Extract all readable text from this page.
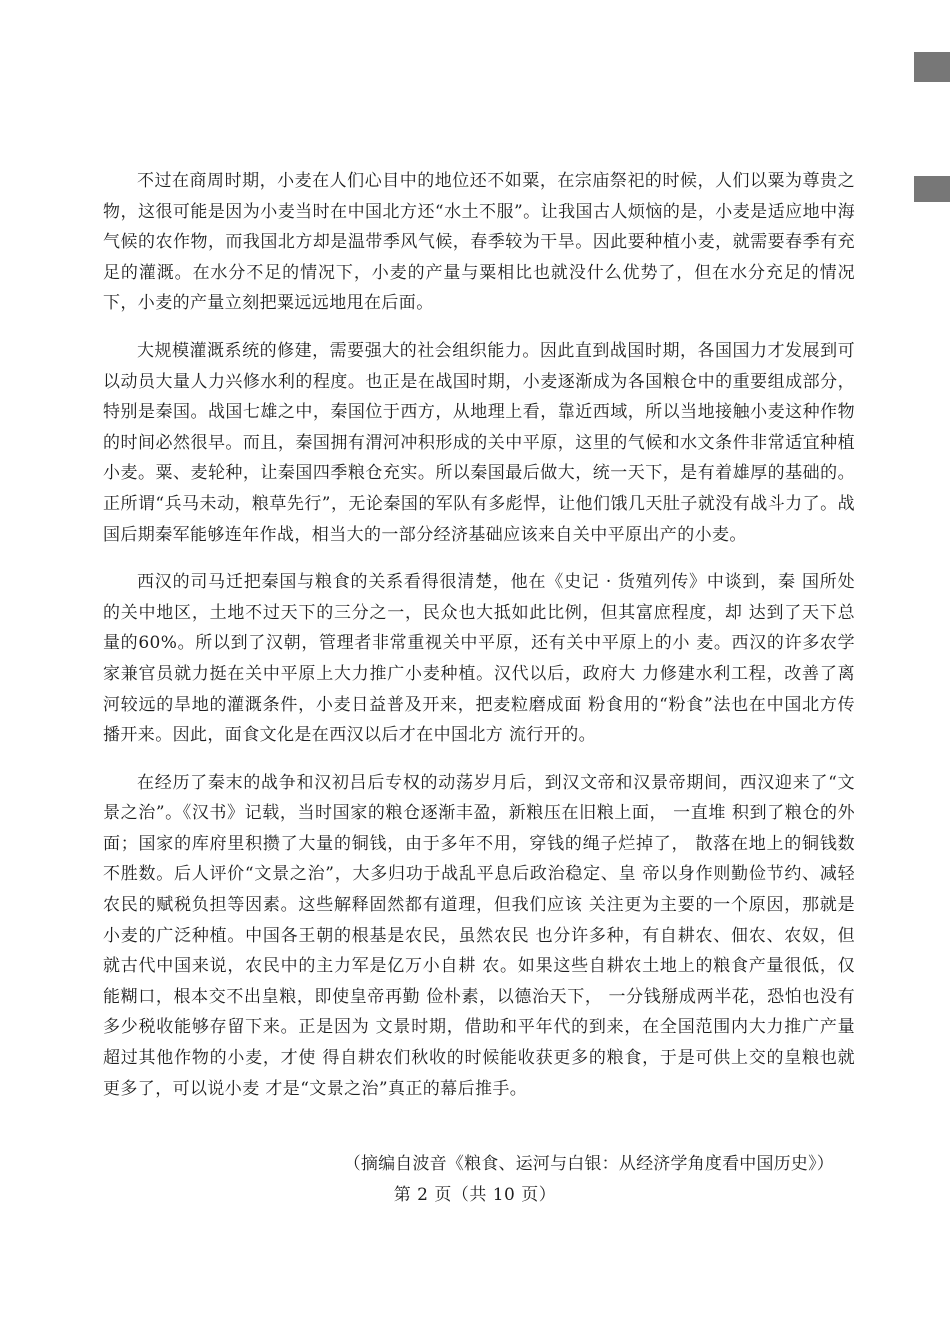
不过在商周时期，小麦在人们心目中的地位还不如粟，在宗庙祭祀的时候，人们以粟为尊贵之物，这很可能是因为小麦当时在中国北方还“水土不服”。让我国古人烦恼的是，小麦是适应地中海气候的农作物，而我国北方却是温带季风气候，春季较为干旱。因此要种植小麦，就需要春季有充足的灌溉。在水分不足的情况下，小麦的产量与粟相比也就没什么优势了，但在水分充足的情况下，小麦的产量立刻把粟远远地甩在后面。

大规模灌溉系统的修建，需要强大的社会组织能力。因此直到战国时期，各国国力才发展到可以动员大量人力兴修水利的程度。也正是在战国时期，小麦逐渐成为各国粮仓中的重要组成部分，特别是秦国。战国七雄之中，秦国位于西方，从地理上看，靠近西域，所以当地接触小麦这种作物的时间必然很早。而且，秦国拥有渭河冲积形成的关中平原，这里的气候和水文条件非常适宜种植小麦。粟、麦轮种，让秦国四季粮仓充实。所以秦国最后做大，统一天下，是有着雄厚的基础的。正所谓“兵马未动，粮草先行”，无论秦国的军队有多彪悍，让他们饿几天肚子就没有战斗力了。战国后期秦军能够连年作战，相当大的一部分经济基础应该来自关中平原出产的小麦。

西汉的司马迁把秦国与粮食的关系看得很清楚，他在《史记 · 货殖列传》中谈到，秦 国所处的关中地区，土地不过天下的三分之一，民众也大抵如此比例，但其富庶程度，却 达到了天下总量的60%。所以到了汉朝，管理者非常重视关中平原，还有关中平原上的小 麦。西汉的许多农学家兼官员就力挺在关中平原上大力推广小麦种植。汉代以后，政府大 力修建水利工程，改善了离河较远的旱地的灌溉条件，小麦日益普及开来，把麦粒磨成面 粉食用的“粉食”法也在中国北方传播开来。因此，面食文化是在西汉以后才在中国北方 流行开的。

在经历了秦末的战争和汉初吕后专权的动荡岁月后，到汉文帝和汉景帝期间，西汉迎来了“文景之治”。《汉书》记载，当时国家的粮仓逐渐丰盈，新粮压在旧粮上面， 一直堆 积到了粮仓的外面；国家的库府里积攒了大量的铜钱，由于多年不用，穿钱的绳子烂掉了， 散落在地上的铜钱数不胜数。后人评价“文景之治”，大多归功于战乱平息后政治稳定、皇 帝以身作则勤俭节约、减轻农民的赋税负担等因素。这些解释固然都有道理，但我们应该 关注更为主要的一个原因，那就是小麦的广泛种植。中国各王朝的根基是农民，虽然农民 也分许多种，有自耕农、佃农、农奴，但就古代中国来说，农民中的主力军是亿万小自耕 农。如果这些自耕农土地上的粮食产量很低，仅能糊口，根本交不出皇粮，即使皇帝再勤 俭朴素，以德治天下， 一分钱掰成两半花，恐怕也没有多少税收能够存留下来。正是因为 文景时期，借助和平年代的到来，在全国范围内大力推广产量超过其他作物的小麦，才使 得自耕农们秋收的时候能收获更多的粮食，于是可供上交的皇粮也就更多了，可以说小麦 才是“文景之治”真正的幕后推手。

（摘编自波音《粮食、运河与白银：从经济学角度看中国历史》）
第 2 页（共 10 页）
